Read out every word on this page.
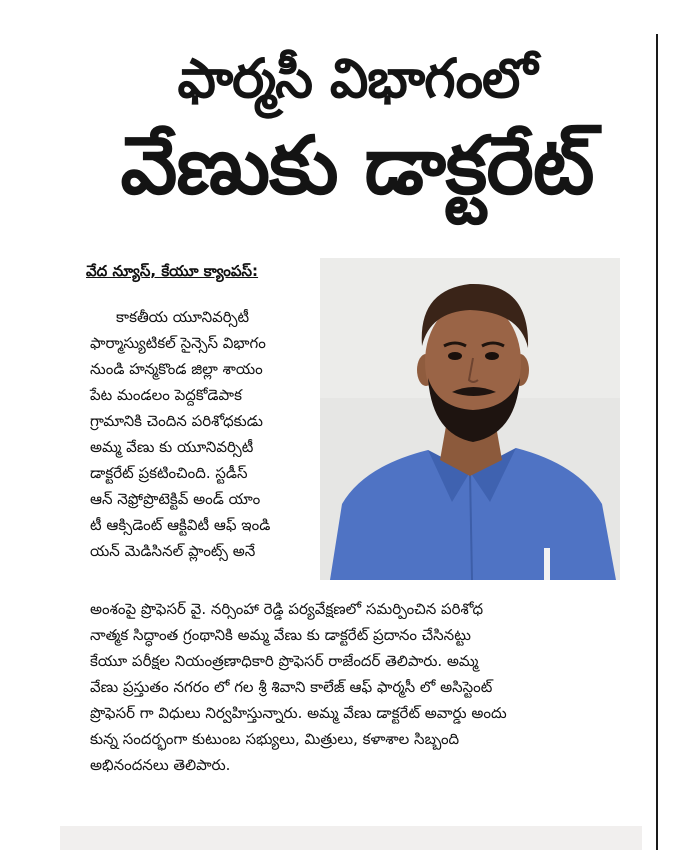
ఫార్మసీ విభాగంలో
వేణుకు డాక్టరేట్
వేద న్యూస్, కేయూ క్యాంపస్:
కాకతీయ యూనివర్సిటీ
ఫార్మాస్యుటికల్ సైన్సెస్ విభాగం
నుండి హన్మకొండ జిల్లా శాయం
పేట మండలం పెద్దకోడెపాక
గ్రామానికి చెందిన పరిశోధకుడు
అమ్మ వేణు కు యూనివర్సిటీ
డాక్టరేట్ ప్రకటించింది. స్టడీస్
ఆన్ నెఫ్రోప్రొటెక్టివ్ అండ్ యాం
టీ ఆక్సిడెంట్ ఆక్టివిటీ ఆఫ్ ఇండి
యన్ మెడిసినల్ ప్లాంట్స్ అనే
అంశంపై ప్రొఫెసర్ వై. నర్సింహా రెడ్డి పర్యవేక్షణలో సమర్పించిన పరిశోధ
నాత్మక సిద్ధాంత గ్రంథానికి అమ్మ వేణు కు డాక్టరేట్ ప్రదానం చేసినట్టు
కేయూ పరీక్షల నియంత్రణాధికారి ప్రొఫెసర్ రాజేందర్ తెలిపారు. అమ్మ
వేణు ప్రస్తుతం నగరం లో గల శ్రీ శివాని కాలేజ్ ఆఫ్ ఫార్మసీ లో అసిస్టెంట్
ప్రొఫెసర్ గా విధులు నిర్వహిస్తున్నారు. అమ్మ వేణు డాక్టరేట్ అవార్డు అందు
కున్న సందర్భంగా కుటుంబ సభ్యులు, మిత్రులు, కళాశాల సిబ్బంది
అభినందనలు తెలిపారు.
